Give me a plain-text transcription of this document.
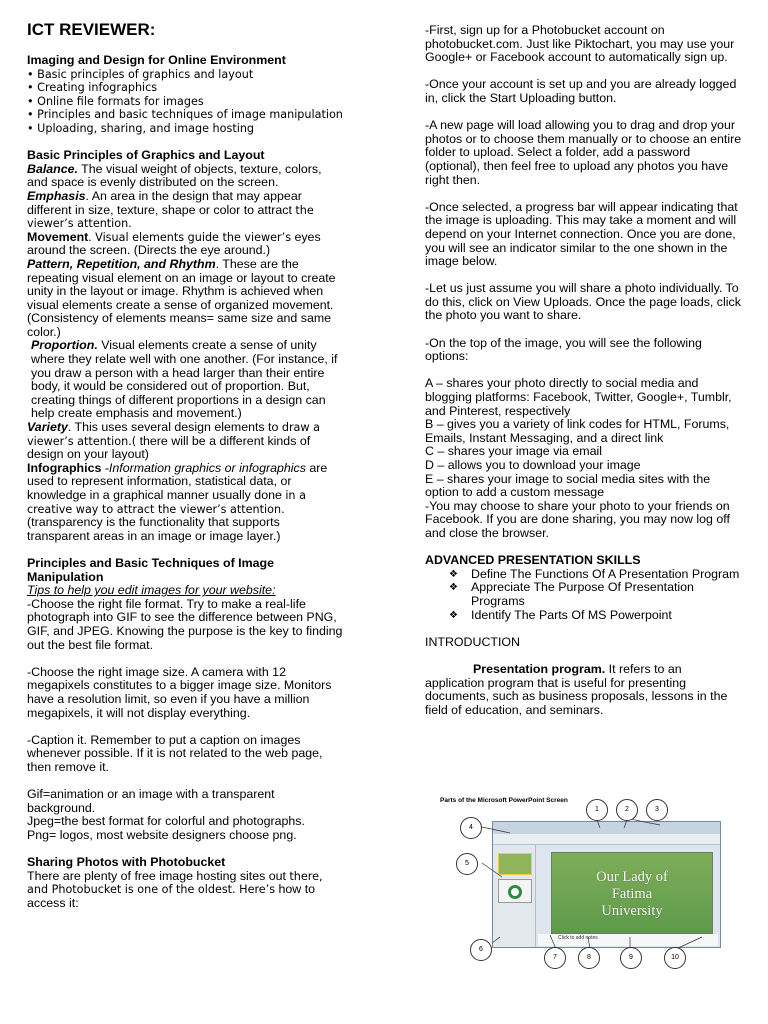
ICT REVIEWER:

Imaging and Design for Online Environment

• Basic principles of graphics and layout
• Creating infographics
• Online file formats for images
• Principles and basic techniques of image manipulation
• Uploading, sharing, and image hosting

Basic Principles of Graphics and Layout

Balance. The visual weight of objects, texture, colors, and space is evenly distributed on the screen.

Emphasis. An area in the design that may appear different in size, texture, shape or color to attract the viewer’s attention.

Movement. Visual elements guide the viewer’s eyes around the screen. (Directs the eye around.)

Pattern, Repetition, and Rhythm. These are the repeating visual element on an image or layout to create unity in the layout or image. Rhythm is achieved when visual elements create a sense of organized movement. (Consistency of elements means= same size and same color.)

Proportion. Visual elements create a sense of unity where they relate well with one another. (For instance, if you draw a person with a head larger than their entire body, it would be considered out of proportion. But, creating things of different proportions in a design can help create emphasis and movement.)

Variety. This uses several design elements to draw a viewer’s attention.( there will be a different kinds of design on your layout)

Infographics -Information graphics or infographics are used to represent information, statistical data, or knowledge in a graphical manner usually done in a creative way to attract the viewer’s attention. (transparency is the functionality that supports transparent areas in an image or image layer.)

Principles and Basic Techniques of Image Manipulation

Tips to help you edit images for your website:

-Choose the right file format. Try to make a real-life photograph into GIF to see the difference between PNG, GIF, and JPEG. Knowing the purpose is the key to finding out the best file format.

-Choose the right image size. A camera with 12 megapixels constitutes to a bigger image size. Monitors have a resolution limit, so even if you have a million megapixels, it will not display everything.

-Caption it. Remember to put a caption on images whenever possible. If it is not related to the web page, then remove it.

Gif=animation or an image with a transparent background.

Jpeg=the best format for colorful and photographs.

Png= logos, most website designers choose png.

Sharing Photos with Photobucket

There are plenty of free image hosting sites out there, and Photobucket is one of the oldest. Here’s how to access it:

-First, sign up for a Photobucket account on photobucket.com. Just like Piktochart, you may use your Google+ or Facebook account to automatically sign up.

-Once your account is set up and you are already logged in, click the Start Uploading button.

-A new page will load allowing you to drag and drop your photos or to choose them manually or to choose an entire folder to upload. Select a folder, add a password (optional), then feel free to upload any photos you have right then.

-Once selected, a progress bar will appear indicating that the image is uploading. This may take a moment and will depend on your Internet connection. Once you are done, you will see an indicator similar to the one shown in the image below.

-Let us just assume you will share a photo individually. To do this, click on View Uploads. Once the page loads, click the photo you want to share.

-On the top of the image, you will see the following options:

A – shares your photo directly to social media and blogging platforms: Facebook, Twitter, Google+, Tumblr, and Pinterest, respectively

B – gives you a variety of link codes for HTML, Forums, Emails, Instant Messaging, and a direct link

C – shares your image via email

D – allows you to download your image

E – shares your image to social media sites with the option to add a custom message

-You may choose to share your photo to your friends on Facebook. If you are done sharing, you may now log off and close the browser.

ADVANCED PRESENTATION SKILLS

❖ Define The Functions Of A Presentation Program
❖ Appreciate The Purpose Of Presentation Programs
❖ Identify The Parts Of MS Powerpoint

INTRODUCTION

Presentation program. It refers to an application program that is useful for presenting documents, such as business proposals, lessons in the field of education, and seminars.

Parts of the Microsoft PowerPoint Screen
Our Lady of
Fatima
University
Click to add notes
1	2	3
4
5
6
7	8	9	10
